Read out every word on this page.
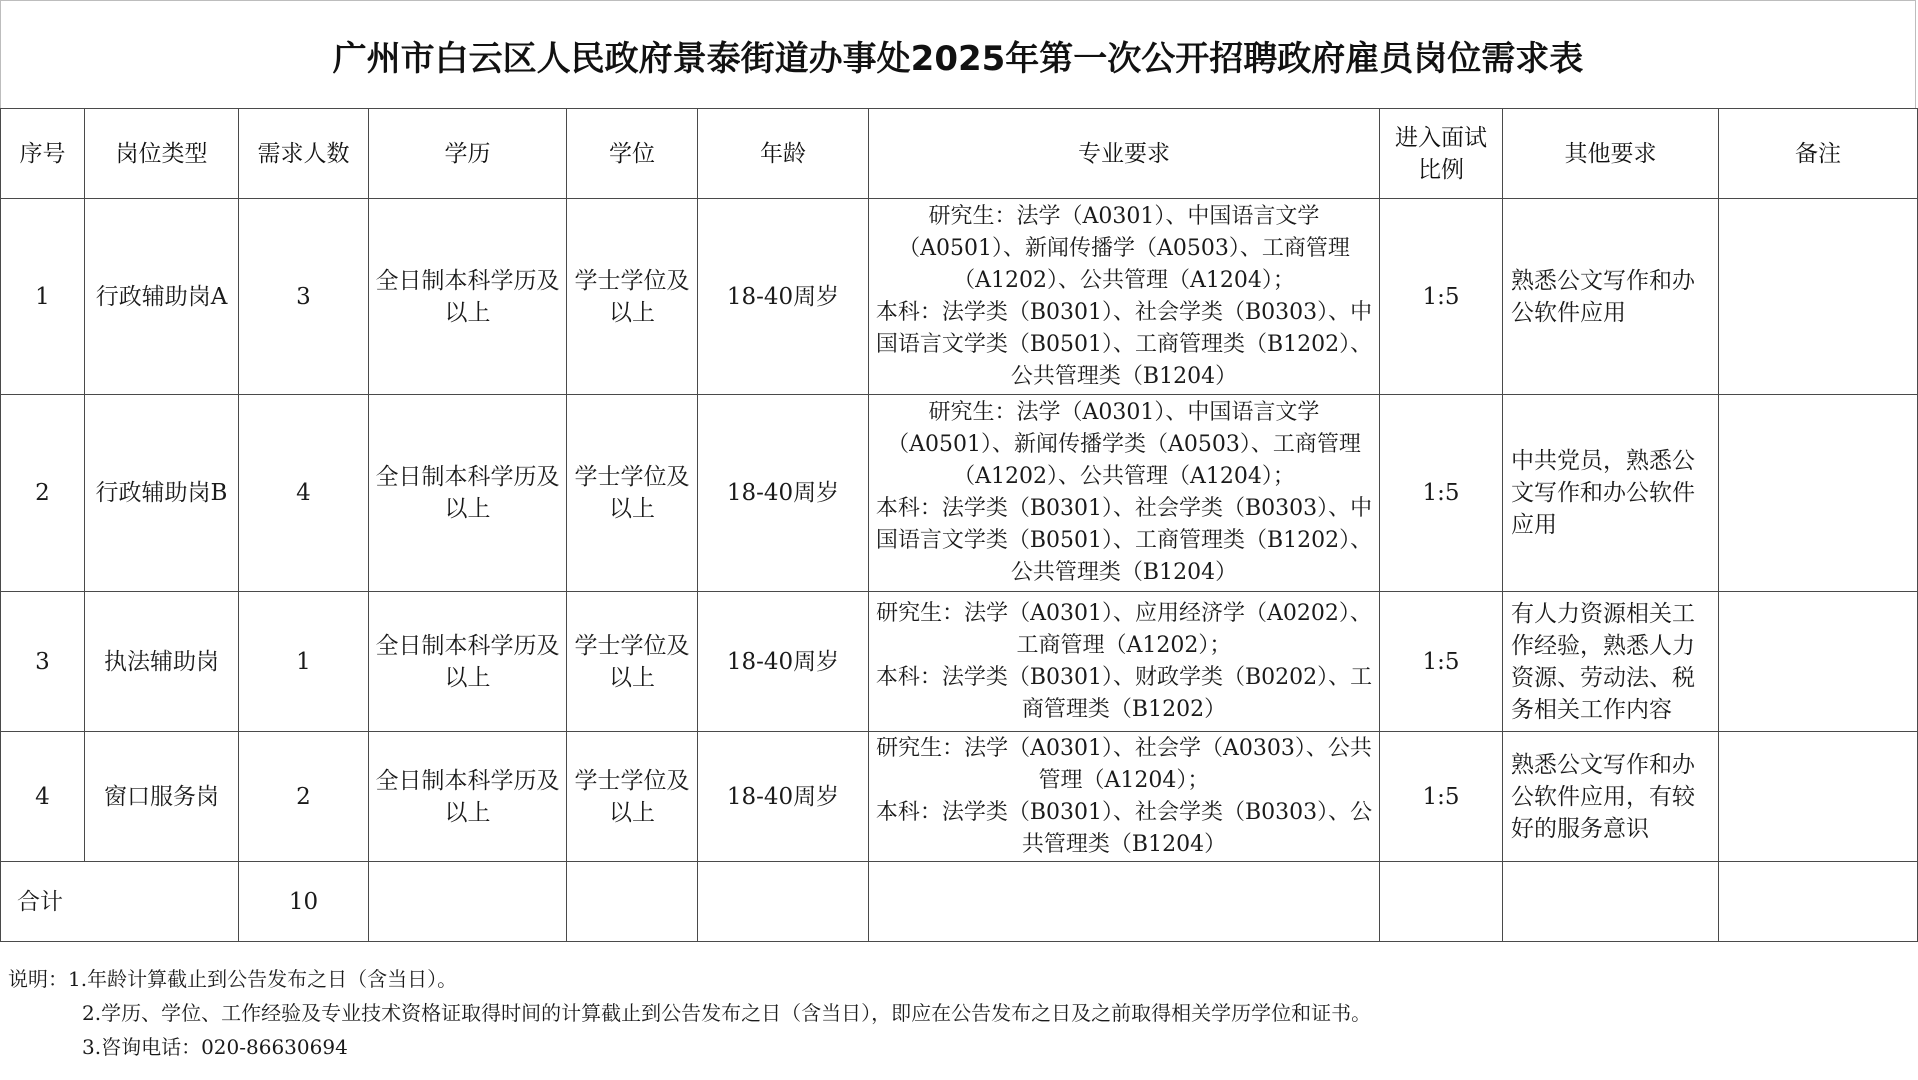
广州市白云区人民政府景泰街道办事处2025年第一次公开招聘政府雇员岗位需求表
序号	岗位类型	需求人数	学历	学位	年龄	专业要求	进入面试比例	其他要求	备注
1	行政辅助岗A	3	全日制本科学历及以上	学士学位及以上	18-40周岁	研究生：法学（A0301）、中国语言文学（A0501）、新闻传播学（A0503）、工商管理（A1202）、公共管理（A1204）；
本科：法学类（B0301）、社会学类（B0303）、中国语言文学类（B0501）、工商管理类（B1202）、公共管理类（B1204）	1:5	熟悉公文写作和办公软件应用	
2	行政辅助岗B	4	全日制本科学历及以上	学士学位及以上	18-40周岁	研究生：法学（A0301）、中国语言文学（A0501）、新闻传播学类（A0503）、工商管理（A1202）、公共管理（A1204）；
本科：法学类（B0301）、社会学类（B0303）、中国语言文学类（B0501）、工商管理类（B1202）、公共管理类（B1204）	1:5	中共党员，熟悉公文写作和办公软件应用	
3	执法辅助岗	1	全日制本科学历及以上	学士学位及以上	18-40周岁	研究生：法学（A0301）、应用经济学（A0202）、工商管理（A1202）；
本科：法学类（B0301）、财政学类（B0202）、工商管理类（B1202）	1:5	有人力资源相关工作经验，熟悉人力资源、劳动法、税务相关工作内容	
4	窗口服务岗	2	全日制本科学历及以上	学士学位及以上	18-40周岁	研究生：法学（A0301）、社会学（A0303）、公共管理（A1204）；
本科：法学类（B0301）、社会学类（B0303）、公共管理类（B1204）	1:5	熟悉公文写作和办公软件应用，有较好的服务意识	
合计		10							
说明：1.年龄计算截止到公告发布之日（含当日）。
2.学历、学位、工作经验及专业技术资格证取得时间的计算截止到公告发布之日（含当日），即应在公告发布之日及之前取得相关学历学位和证书。
3.咨询电话：020-86630694
